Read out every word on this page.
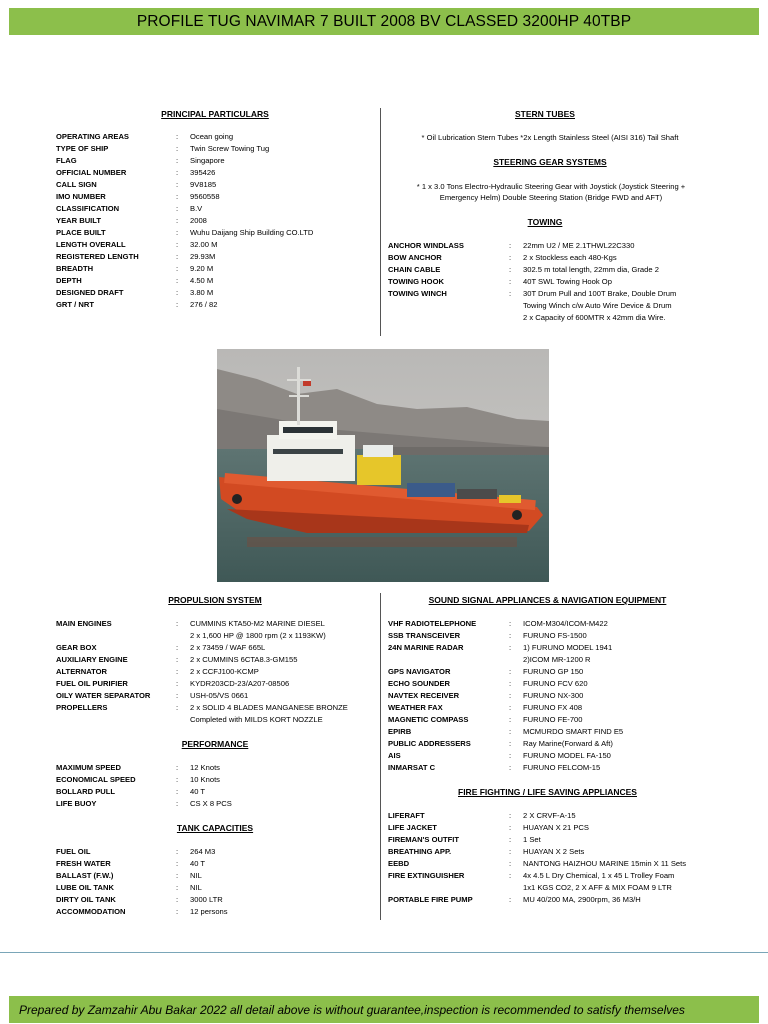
PROFILE TUG NAVIMAR 7 BUILT 2008 BV CLASSED 3200HP 40TBP
PRINCIPAL PARTICULARS
OPERATING AREAS	:	Ocean going
TYPE OF SHIP	:	Twin Screw Towing Tug
FLAG	:	Singapore
OFFICIAL NUMBER	:	395426
CALL SIGN	:	9V8185
IMO NUMBER	:	9560558
CLASSIFICATION	:	B.V
YEAR BUILT	:	2008
PLACE BUILT	:	Wuhu Daijang Ship Building CO.LTD
LENGTH OVERALL	:	32.00 M
REGISTERED LENGTH	:	29.93M
BREADTH	:	9.20 M
DEPTH	:	4.50 M
DESIGNED DRAFT	:	3.80 M
GRT / NRT	:	276 / 82
STERN TUBES
* Oil Lubrication Stern Tubes *2x Length Stainless Steel (AISI 316) Tail Shaft
STEERING GEAR SYSTEMS
* 1 x 3.0 Tons Electro-Hydraulic Steering Gear with Joystick (Joystick Steering +
Emergency Helm) Double Steering Station (Bridge FWD and AFT)
TOWING
ANCHOR WINDLASS	:	22mm U2 / ME 2.1THWL22C330
BOW ANCHOR	:	2 x Stockless each 480-Kgs
CHAIN CABLE	:	302.5 m total length, 22mm dia, Grade 2
TOWING HOOK	:	40T SWL Towing Hook Op
TOWING WINCH	:	30T Drum Pull and 100T Brake, Double Drum
Towing Winch c/w Auto Wire Device & Drum
2 x Capacity of 600MTR x 42mm dia Wire.
PROPULSION SYSTEM
MAIN ENGINES	:	CUMMINS KTA50-M2 MARINE DIESEL
2 x 1,600 HP @ 1800 rpm (2 x 1193KW)
GEAR BOX	:	2 x 73459 / WAF 665L
AUXILIARY ENGINE	:	2 x CUMMINS 6CTA8.3-GM155
ALTERNATOR	:	2 x CCFJ100-KCMP
FUEL OIL PURIFIER	:	KYDR203CD-23/A207-08506
OILY WATER SEPARATOR	:	USH-05/VS 0661
PROPELLERS	:	2 x SOLID 4 BLADES MANGANESE BRONZE
Completed with MILDS KORT NOZZLE
PERFORMANCE
MAXIMUM SPEED	:	12 Knots
ECONOMICAL SPEED	:	10 Knots
BOLLARD PULL	:	40 T
LIFE BUOY	:	CS X 8 PCS
TANK CAPACITIES
FUEL OIL	:	264 M3
FRESH WATER	:	40 T
BALLAST (F.W.)	:	NIL
LUBE OIL TANK	:	NIL
DIRTY OIL TANK	:	3000 LTR
ACCOMMODATION	:	12 persons
SOUND SIGNAL APPLIANCES & NAVIGATION EQUIPMENT
VHF RADIOTELEPHONE	:	ICOM-M304/ICOM-M422
SSB TRANSCEIVER	:	FURUNO FS-1500
24N MARINE RADAR	:	1) FURUNO MODEL 1941
2)ICOM MR-1200 R
GPS NAVIGATOR	:	FURUNO GP 150
ECHO SOUNDER	:	FURUNO FCV 620
NAVTEX RECEIVER	:	FURUNO NX-300
WEATHER FAX	:	FURUNO FX 408
MAGNETIC COMPASS	:	FURUNO FE-700
EPIRB	:	MCMURDO SMART FIND E5
PUBLIC ADDRESSERS	:	Ray Marine(Forward & Aft)
AIS	:	FURUNO MODEL FA-150
INMARSAT C	:	FURUNO FELCOM-15
FIRE FIGHTING / LIFE SAVING APPLIANCES
LIFERAFT	:	2 X CRVF-A-15
LIFE JACKET	:	HUAYAN X 21 PCS
FIREMAN'S OUTFIT	:	1 Set
BREATHING APP.	:	HUAYAN X 2 Sets
EEBD	:	NANTONG HAIZHOU MARINE 15min X 11 Sets
FIRE EXTINGUISHER	:	4x 4.5 L Dry Chemical, 1 x 45 L Trolley Foam
1x1 KGS CO2, 2 X AFF & MIX FOAM 9 LTR
PORTABLE FIRE PUMP	:	MU 40/200 MA, 2900rpm, 36 M3/H
Prepared by Zamzahir Abu Bakar 2022 all detail above is without guarantee,inspection is recommended to satisfy themselves
